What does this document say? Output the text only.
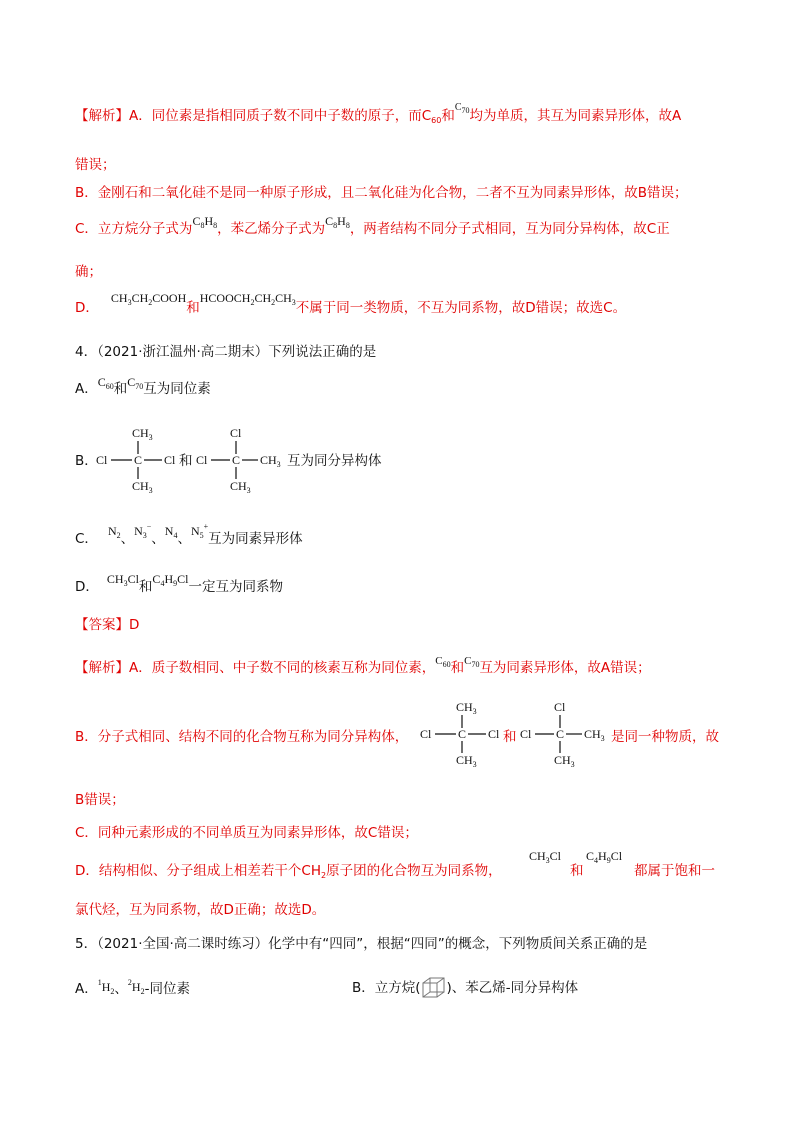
【解析】A．同位素是指相同质子数不同中子数的原子，而$C_{60}$和$C_{70}$均为单质，其互为同素异形体，故A
错误；
B．金刚石和二氧化硅不是同一种原子形成，且二氧化硅为化合物，二者不互为同素异形体，故B错误；
C．立方烷分子式为$C_8H_8$，苯乙烯分子式为$C_8H_8$，两者结构不同分子式相同，互为同分异构体，故C正
确；
D．$CH_3CH_2COOH$和$HCOOCH_2CH_2CH_3$不属于同一类物质，不互为同系物，故D错误；故选C。
4．（2021·浙江温州·高二期末）下列说法正确的是
A．$C_{60}$和$C_{70}$互为同位素
B．
$CH_3$
Cl C Cl
$CH_3$
和
Cl
Cl C $CH_3$
$CH_3$
互为同分异构体
C． $N_2$、$N_3^-$、$N_4$、$N_5^+$互为同素异形体
D． $CH_3Cl$和$C_4H_9Cl$一定互为同系物
【答案】D
【解析】A．质子数相同、中子数不同的核素互称为同位素，$C_{60}$和$C_{70}$互为同素异形体，故A错误；
B．分子式相同、结构不同的化合物互称为同分异构体，
$CH_3$
Cl C Cl
$CH_3$
和
Cl
Cl C $CH_3$
$CH_3$
是同一种物质，故
B错误；
C．同种元素形成的不同单质互为同素异形体，故C错误；
D．结构相似、分子组成上相差若干个$CH_2$原子团的化合物互为同系物，
$CH_3Cl$
和
$C_4H_9Cl$
都属于饱和一
氯代烃，互为同系物，故D正确；故选D。
5．（2021·全国·高二课时练习）化学中有“四同”，根据“四同”的概念，下列物质间关系正确的是
A．$^1H_2$、$^2H_2-$同位素	B．立方烷( )、苯乙烯-同分异构体
